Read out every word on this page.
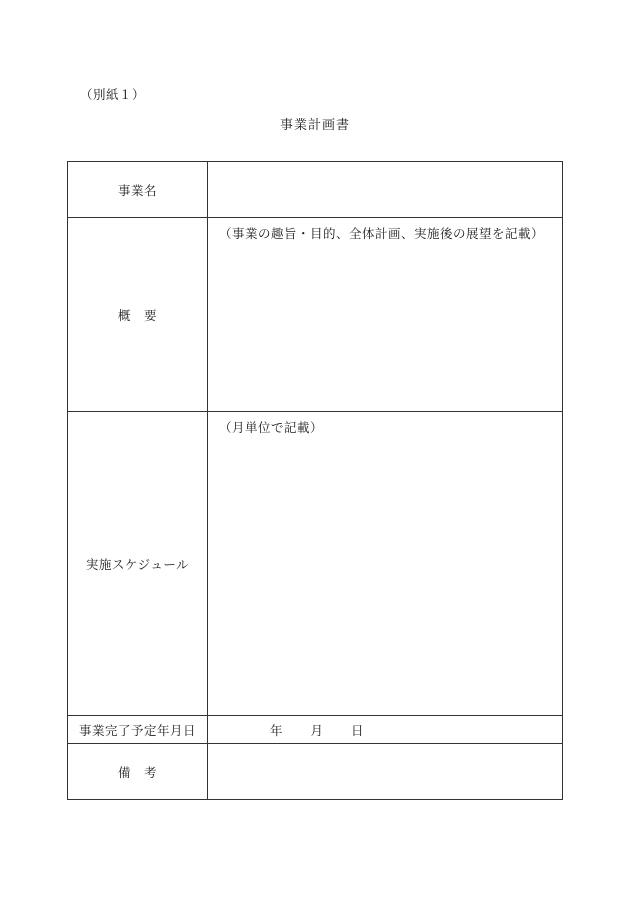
（別紙１）
事業計画書
事業名	
概　要	（事業の趣旨・目的、全体計画、実施後の展望を記載）

実施スケジュール	（月単位で記載）

事業完了予定年月日	年 月 日

備　考	
